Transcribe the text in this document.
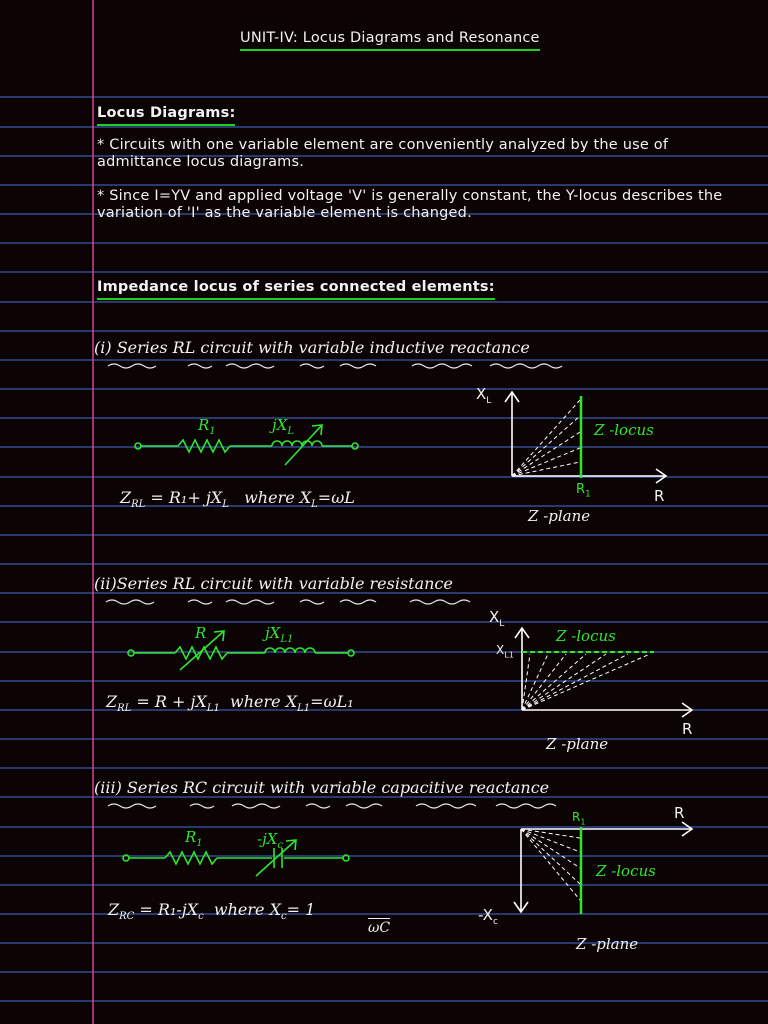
UNIT-IV: Locus Diagrams and Resonance
Locus Diagrams:
* Circuits with one variable element are conveniently analyzed by the use of
admittance locus diagrams.
* Since I=YV and applied voltage 'V' is generally constant, the Y-locus describes the
variation of 'I' as the variable element is changed.
Impedance locus of series connected elements:
(i) Series RL circuit with variable inductive reactance
$R_1$	$jX_L$
$Z_{RL} = R_1+ jX_L$ where $X_L=\omega L$
$X_L$
R
$R_1$
Z -locus
Z -plane
(ii)Series RL circuit with variable resistance
R	$jX_{L1}$
$Z_{RL} = R + jX_{L1}$ where $X_{L1}=\omega L_1$
$X_L$
$X_{L1}$
R
Z -locus
Z -plane
(iii) Series RC circuit with variable capacitive reactance
$R_1$	$-jX_c$
$Z_{RC} = R_1-jX_c$ where $X_c= 1$
ωC
$-X_c$
R
$R_1$
Z -locus
Z -plane
